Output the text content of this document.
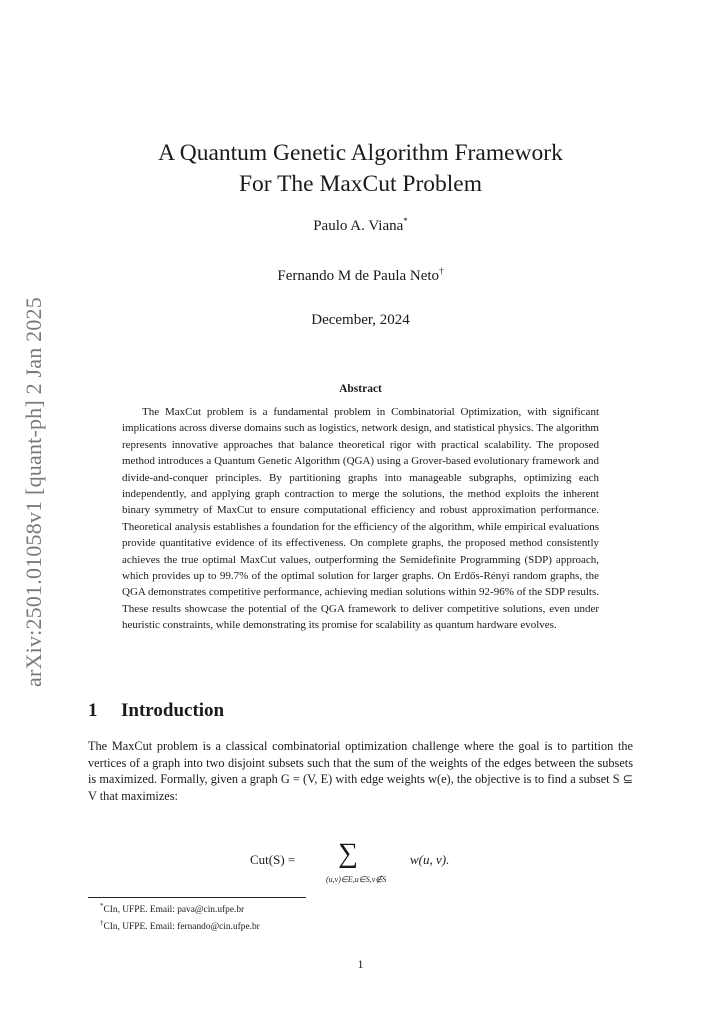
arXiv:2501.01058v1 [quant-ph] 2 Jan 2025
A Quantum Genetic Algorithm Framework
For The MaxCut Problem
Paulo A. Viana*
Fernando M de Paula Neto†
December, 2024
Abstract

The MaxCut problem is a fundamental problem in Combinatorial Optimization, with significant implications across diverse domains such as logistics, network design, and statistical physics. The algorithm represents innovative approaches that balance theoretical rigor with practical scalability. The proposed method introduces a Quantum Genetic Algorithm (QGA) using a Grover-based evolutionary framework and divide-and-conquer principles. By partitioning graphs into manageable subgraphs, optimizing each independently, and applying graph contraction to merge the solutions, the method exploits the inherent binary symmetry of MaxCut to ensure computational efficiency and robust approximation performance. Theoretical analysis establishes a foundation for the efficiency of the algorithm, while empirical evaluations provide quantitative evidence of its effectiveness. On complete graphs, the proposed method consistently achieves the true optimal MaxCut values, outperforming the Semidefinite Programming (SDP) approach, which provides up to 99.7% of the optimal solution for larger graphs. On Erdős-Rényi random graphs, the QGA demonstrates competitive performance, achieving median solutions within 92-96% of the SDP results. These results showcase the potential of the QGA framework to deliver competitive solutions, even under heuristic constraints, while demonstrating its promise for scalability as quantum hardware evolves.

1 Introduction

The MaxCut problem is a classical combinatorial optimization challenge where the goal is to partition the vertices of a graph into two disjoint subsets such that the sum of the weights of the edges between the subsets is maximized. Formally, given a graph G = (V, E) with edge weights w(e), the objective is to find a subset S ⊆ V that maximizes:

Cut(S) = ∑
(u,v)∈E,u∈S,v∉S
w(u, v).

*CIn, UFPE. Email: pava@cin.ufpe.br

†CIn, UFPE. Email: fernando@cin.ufpe.br

1
